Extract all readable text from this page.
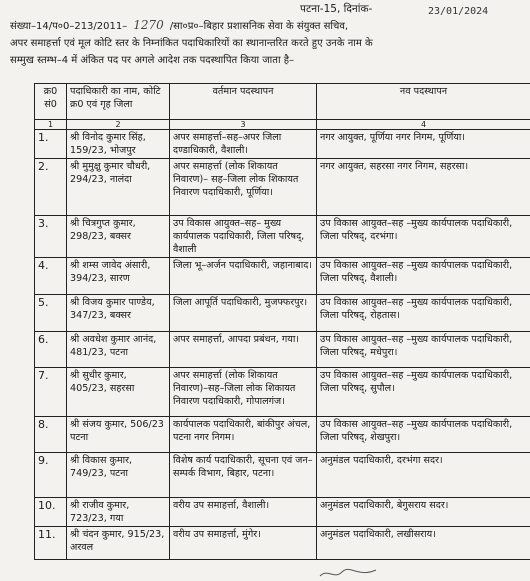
पटना-15, दिनांक-	23/01/2024
संख्या–14/प०0–213/2011– 1270 /सा०प्र०–बिहार प्रशासनिक सेवा के संयुक्त सचिव,
अपर समाहर्त्ता एवं मूल कोटि स्तर के निम्नांकित पदाधिकारियों का स्थानान्तरित करते हुए उनके नाम के
सम्मुख स्तम्भ–4 में अंकित पद पर अगले आदेश तक पदस्थापित किया जाता है–
क्र0 सं0	पदाधिकारी का नाम, कोटि क्र0 एवं गृह जिला	वर्तमान पदस्थापन	नव पदस्थापन
1	2	3	4
1.	श्री विनोद कुमार सिंह, 159/23, भोजपुर	अपर समाहर्त्ता–सह–अपर जिला दण्डाधिकारी, वैशाली।	नगर आयुक्त, पूर्णिया नगर निगम, पूर्णिया।
2.	श्री मुमुक्षु कुमार चौधरी, 294/23, नालंदा	अपर समाहर्त्ता (लोक शिकायत निवारण)– सह–जिला लोक शिकायत निवारण पदाधिकारी, पूर्णिया।	नगर आयुक्त, सहरसा नगर निगम, सहरसा।
3.	श्री चित्रगुप्त कुमार, 298/23, बक्सर	उप विकास आयुक्त–सह– मुख्य कार्यपालक पदाधिकारी, जिला परिषद्, वैशाली	उप विकास आयुक्त–सह –मुख्य कार्यपालक पदाधिकारी, जिला परिषद्, दरभंगा।
4.	श्री शम्स जावेद अंसारी, 394/23, सारण	जिला भू–अर्जन पदाधिकारी, जहानाबाद।	उप विकास आयुक्त–सह –मुख्य कार्यपालक पदाधिकारी, जिला परिषद्, वैशाली।
5.	श्री विजय कुमार पाण्डेय, 347/23, बक्सर	जिला आपूर्ति पदाधिकारी, मुजफ्फरपुर।	उप विकास आयुक्त–सह –मुख्य कार्यपालक पदाधिकारी, जिला परिषद्, रोहतास।
6.	श्री अवधेश कुमार आनंद, 481/23, पटना	अपर समाहर्त्ता, आपदा प्रबंधन, गया।	उप विकास आयुक्त–सह –मुख्य कार्यपालक पदाधिकारी, जिला परिषद्, मधेपुरा।
7.	श्री सुधीर कुमार, 405/23, सहरसा	अपर समाहर्त्ता (लोक शिकायत निवारण)–सह–जिला लोक शिकायत निवारण पदाधिकारी, गोपालगंज।	उप विकास आयुक्त–सह –मुख्य कार्यपालक पदाधिकारी, जिला परिषद्, सुपौल।
8.	श्री संजय कुमार, 506/23 पटना	कार्यपालक पदाधिकारी, बांकीपुर अंचल, पटना नगर निगम।	उप विकास आयुक्त–सह –मुख्य कार्यपालक पदाधिकारी, जिला परिषद्, शेखपुरा।
9.	श्री विकास कुमार, 749/23, पटना	विशेष कार्य पदाधिकारी, सूचना एवं जन–सम्पर्क विभाग, बिहार, पटना।	अनुमंडल पदाधिकारी, दरभंगा सदर।
10.	श्री राजीव कुमार, 723/23, गया	वरीय उप समाहर्त्ता, वैशाली।	अनुमंडल पदाधिकारी, बेगुसराय सदर।
11.	श्री चंदन कुमार, 915/23, अरवल	वरीय उप समाहर्त्ता, मुंगेर।	अनुमंडल पदाधिकारी, लखीसराय।
